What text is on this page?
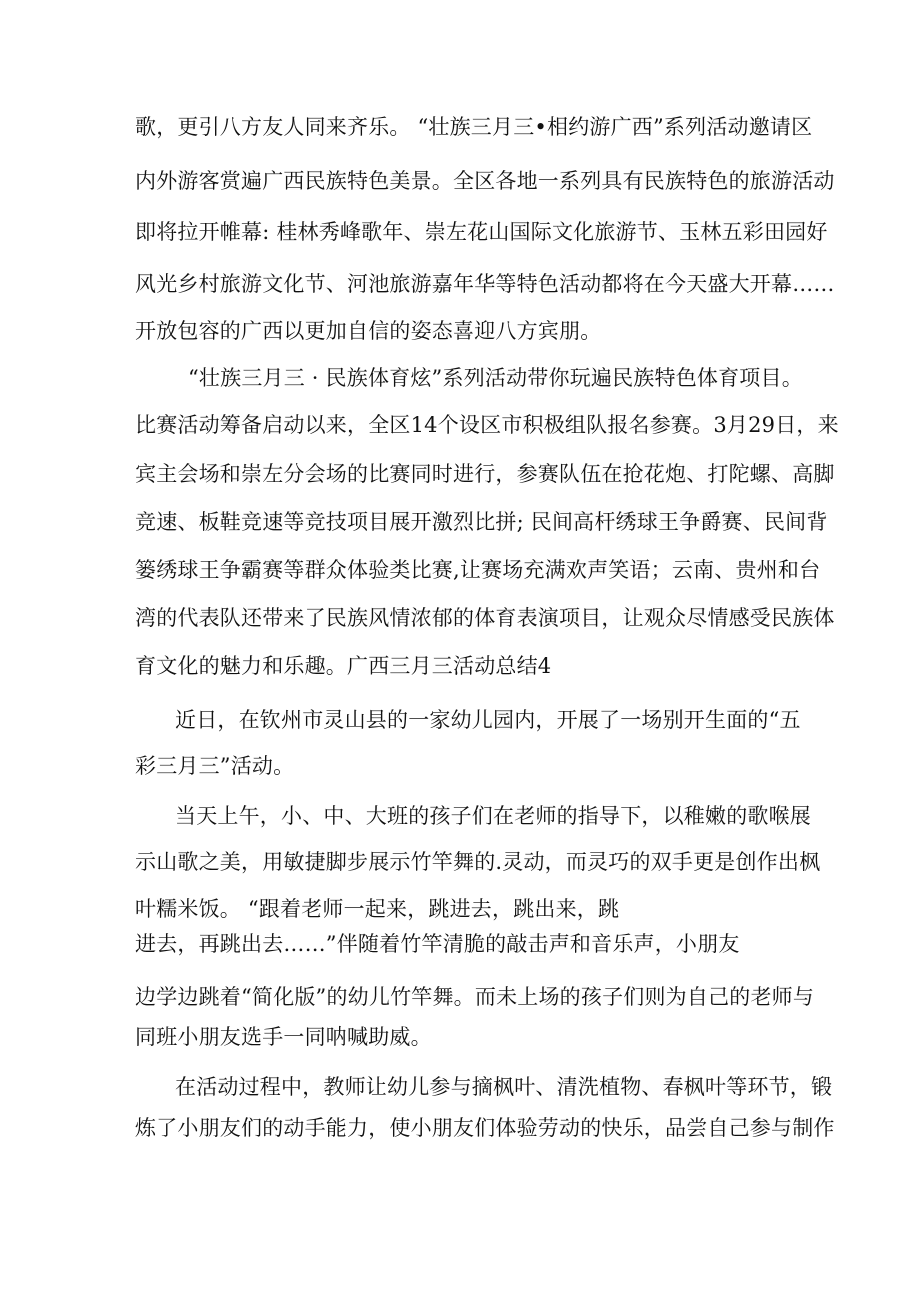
歌，更引八方友人同来齐乐。 “壮族三月三•相约游广西”系列活动邀请区
内外游客赏遍广西民族特色美景。全区各地一系列具有民族特色的旅游活动
即将拉开帷幕: 桂林秀峰歌年、崇左花山国际文化旅游节、玉林五彩田园好
风光乡村旅游文化节、河池旅游嘉年华等特色活动都将在今天盛大开幕……
开放包容的广西以更加自信的姿态喜迎八方宾朋。
“壮族三月三 · 民族体育炫”系列活动带你玩遍民族特色体育项目。
比赛活动筹备启动以来，全区14个设区市积极组队报名参赛。3月29日，来
宾主会场和崇左分会场的比赛同时进行，参赛队伍在抢花炮、打陀螺、高脚
竞速、板鞋竞速等竞技项目展开激烈比拼; 民间高杆绣球王争爵赛、民间背
篓绣球王争霸赛等群众体验类比赛,让赛场充满欢声笑语；云南、贵州和台
湾的代表队还带来了民族风情浓郁的体育表演项目，让观众尽情感受民族体
育文化的魅力和乐趣。广西三月三活动总结4
近日，在钦州市灵山县的一家幼儿园内，开展了一场别开生面的“五
彩三月三”活动。
当天上午，小、中、大班的孩子们在老师的指导下，以稚嫩的歌喉展
示山歌之美，用敏捷脚步展示竹竿舞的.灵动，而灵巧的双手更是创作出枫
叶糯米饭。 “跟着老师一起来，跳进去，跳出来，跳
进去，再跳出去……”伴随着竹竿清脆的敲击声和音乐声，小朋友
边学边跳着“简化版”的幼儿竹竿舞。而未上场的孩子们则为自己的老师与
同班小朋友选手一同呐喊助威。
在活动过程中，教师让幼儿参与摘枫叶、清洗植物、春枫叶等环节，锻
炼了小朋友们的动手能力，使小朋友们体验劳动的快乐，品尝自己参与制作
